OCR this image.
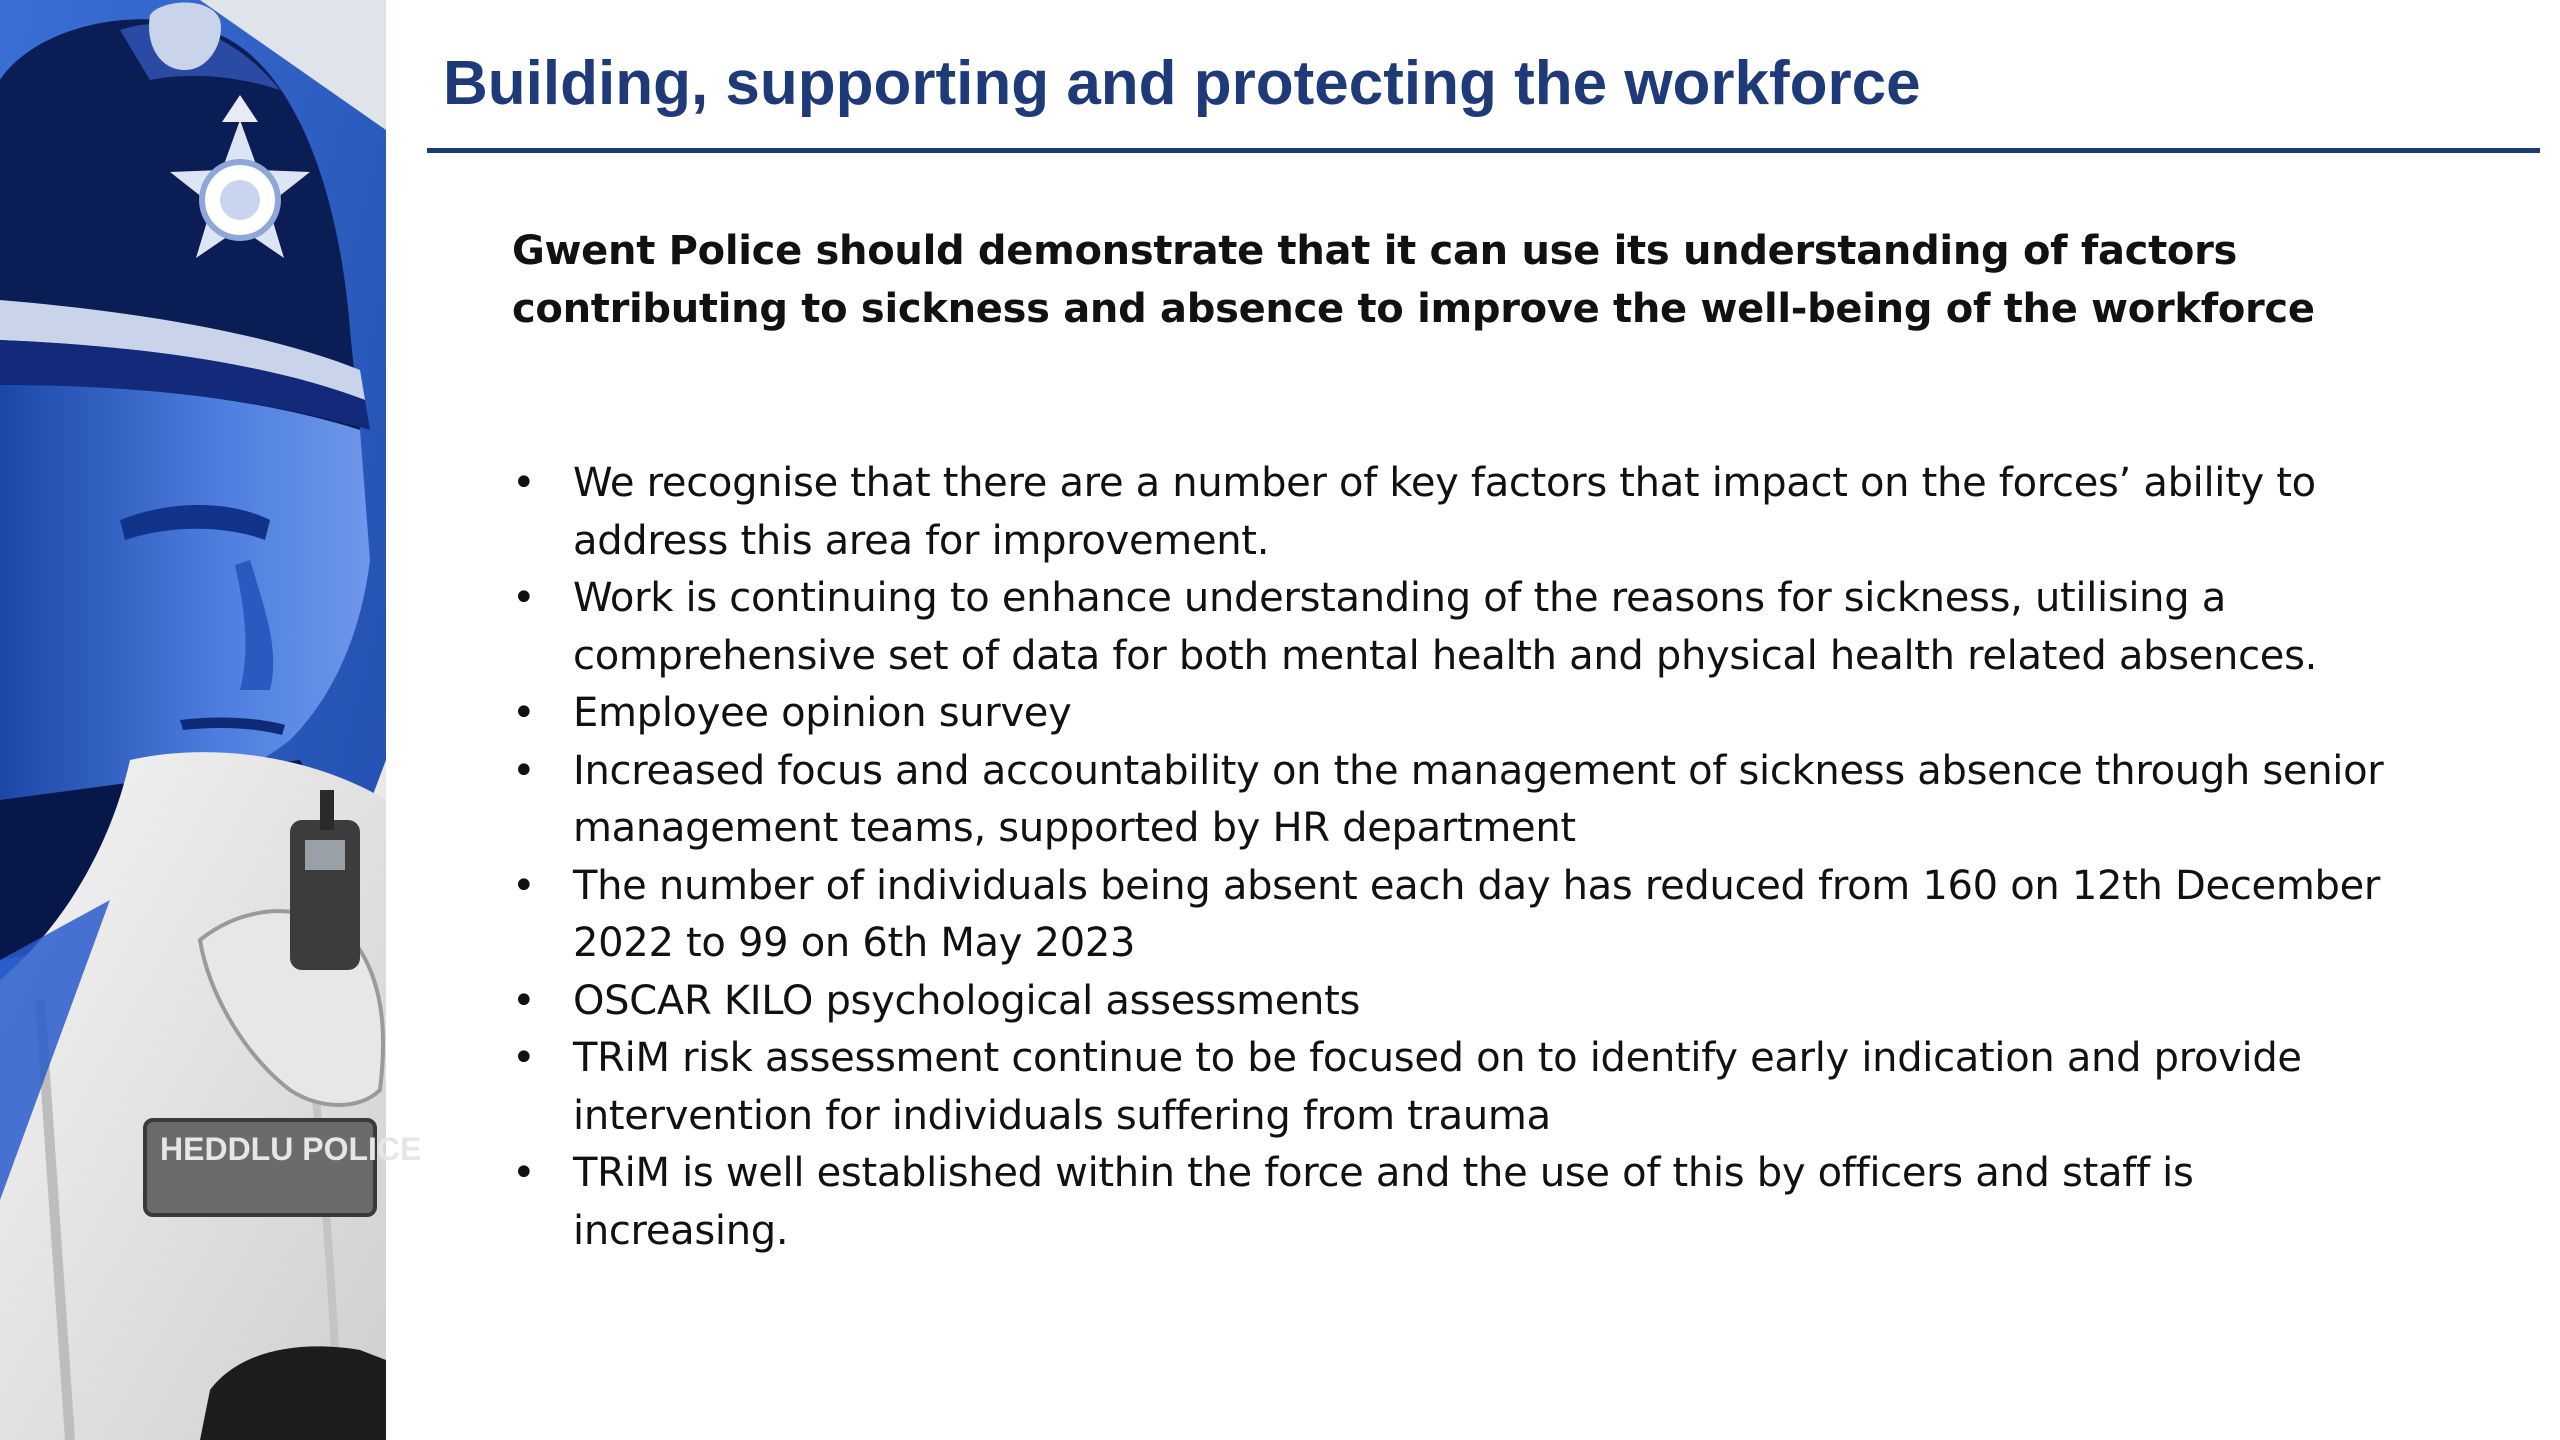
HEDDLU POLICE
Building, supporting and protecting the workforce

Gwent Police should demonstrate that it can use its understanding of factors contributing to sickness and absence to improve the well-being of the workforce

• We recognise that there are a number of key factors that impact on the forces’ ability to address this area for improvement.
• Work is continuing to enhance understanding of the reasons for sickness, utilising a comprehensive set of data for both mental health and physical health related absences.
• Employee opinion survey
• Increased focus and accountability on the management of sickness absence through senior management teams, supported by HR department
• The number of individuals being absent each day has reduced from 160 on 12th December 2022 to 99 on 6th May 2023
• OSCAR KILO psychological assessments
• TRiM risk assessment continue to be focused on to identify early indication and provide intervention for individuals suffering from trauma
• TRiM is well established within the force and the use of this by officers and staff is increasing.
